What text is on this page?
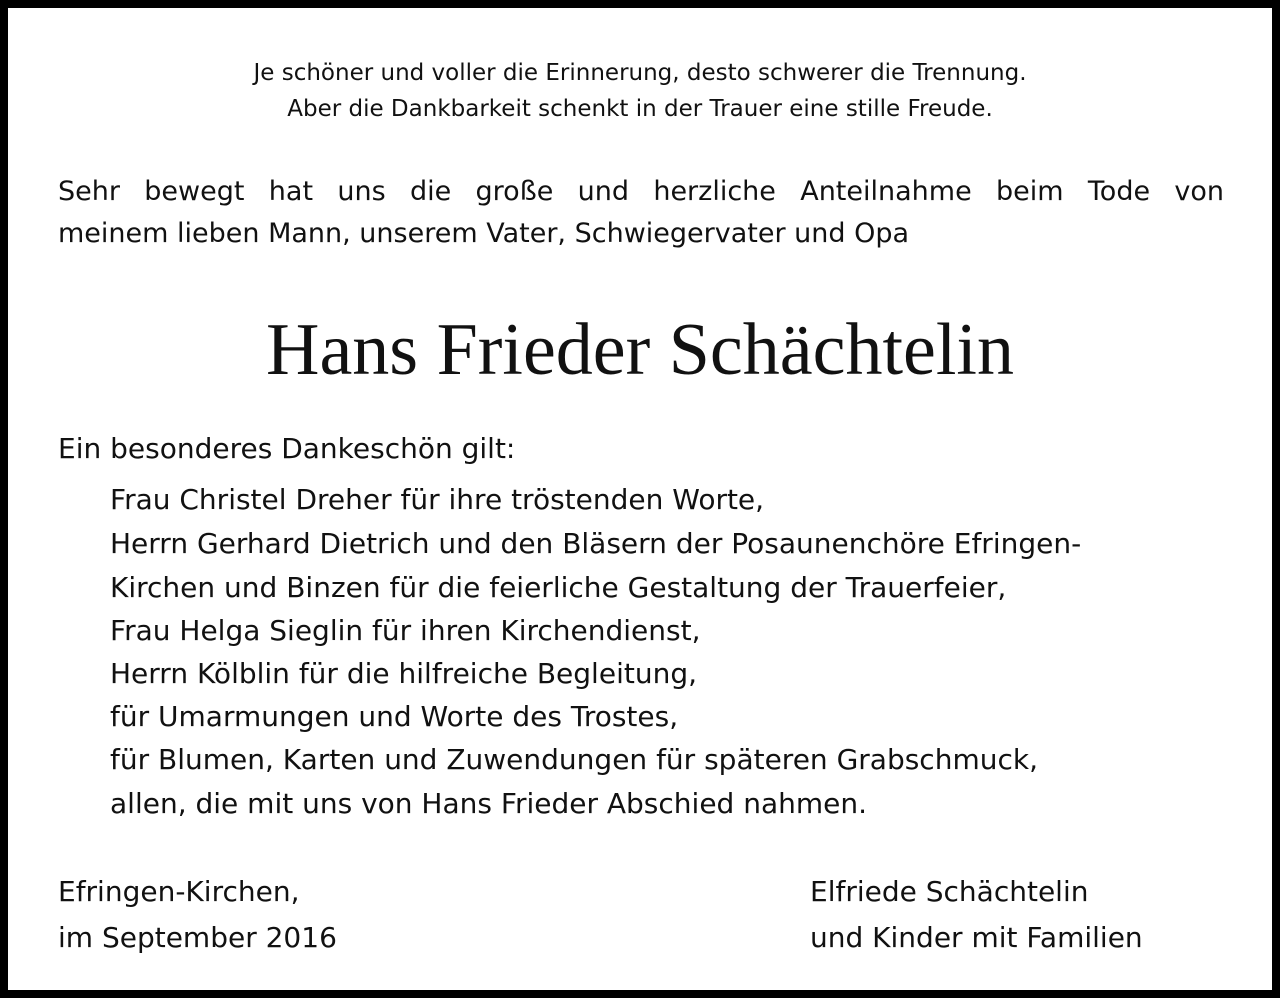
Je schöner und voller die Erinnerung, desto schwerer die Trennung.
Aber die Dankbarkeit schenkt in der Trauer eine stille Freude.
Sehr bewegt hat uns die große und herzliche Anteilnahme beim Tode von
meinem lieben Mann, unserem Vater, Schwiegervater und Opa
Hans Frieder Schächtelin
Ein besonderes Dankeschön gilt:
Frau Christel Dreher für ihre tröstenden Worte,
Herrn Gerhard Dietrich und den Bläsern der Posaunenchöre Efringen-
Kirchen und Binzen für die feierliche Gestaltung der Trauerfeier,
Frau Helga Sieglin für ihren Kirchendienst,
Herrn Kölblin für die hilfreiche Begleitung,
für Umarmungen und Worte des Trostes,
für Blumen, Karten und Zuwendungen für späteren Grabschmuck,
allen, die mit uns von Hans Frieder Abschied nahmen.
Efringen-Kirchen,
im September 2016
Elfriede Schächtelin
und Kinder mit Familien
